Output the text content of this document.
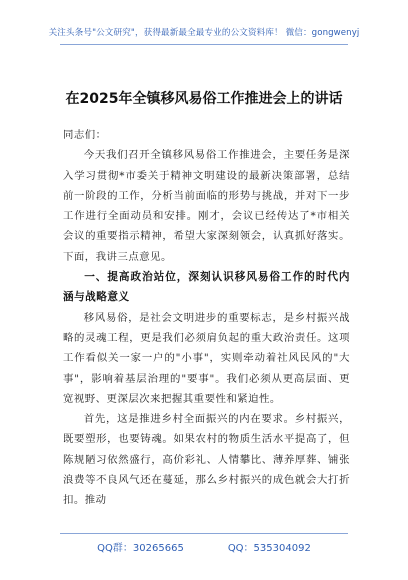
关注头条号"公文研究"，获得最新最全最专业的公文资料库！ 微信：gongwenyj
在2025年全镇移风易俗工作推进会上的讲话

同志们：

今天我们召开全镇移风易俗工作推进会，主要任务是深入学习贯彻*市委关于精神文明建设的最新决策部署，总结前一阶段的工作，分析当前面临的形势与挑战，并对下一步工作进行全面动员和安排。刚才，会议已经传达了*市相关会议的重要指示精神，希望大家深刻领会，认真抓好落实。下面，我讲三点意见。

一、提高政治站位，深刻认识移风易俗工作的时代内涵与战略意义

移风易俗，是社会文明进步的重要标志，是乡村振兴战略的灵魂工程，更是我们必须肩负起的重大政治责任。这项工作看似关一家一户的"小事"，实则牵动着社风民风的"大事"，影响着基层治理的"要事"。我们必须从更高层面、更宽视野、更深层次来把握其重要性和紧迫性。

首先，这是推进乡村全面振兴的内在要求。乡村振兴，既要塑形，也要铸魂。如果农村的物质生活水平提高了，但陈规陋习依然盛行，高价彩礼、人情攀比、薄养厚葬、铺张浪费等不良风气还在蔓延，那么乡村振兴的成色就会大打折扣。推动

QQ群：30265665	QQ：535304092
